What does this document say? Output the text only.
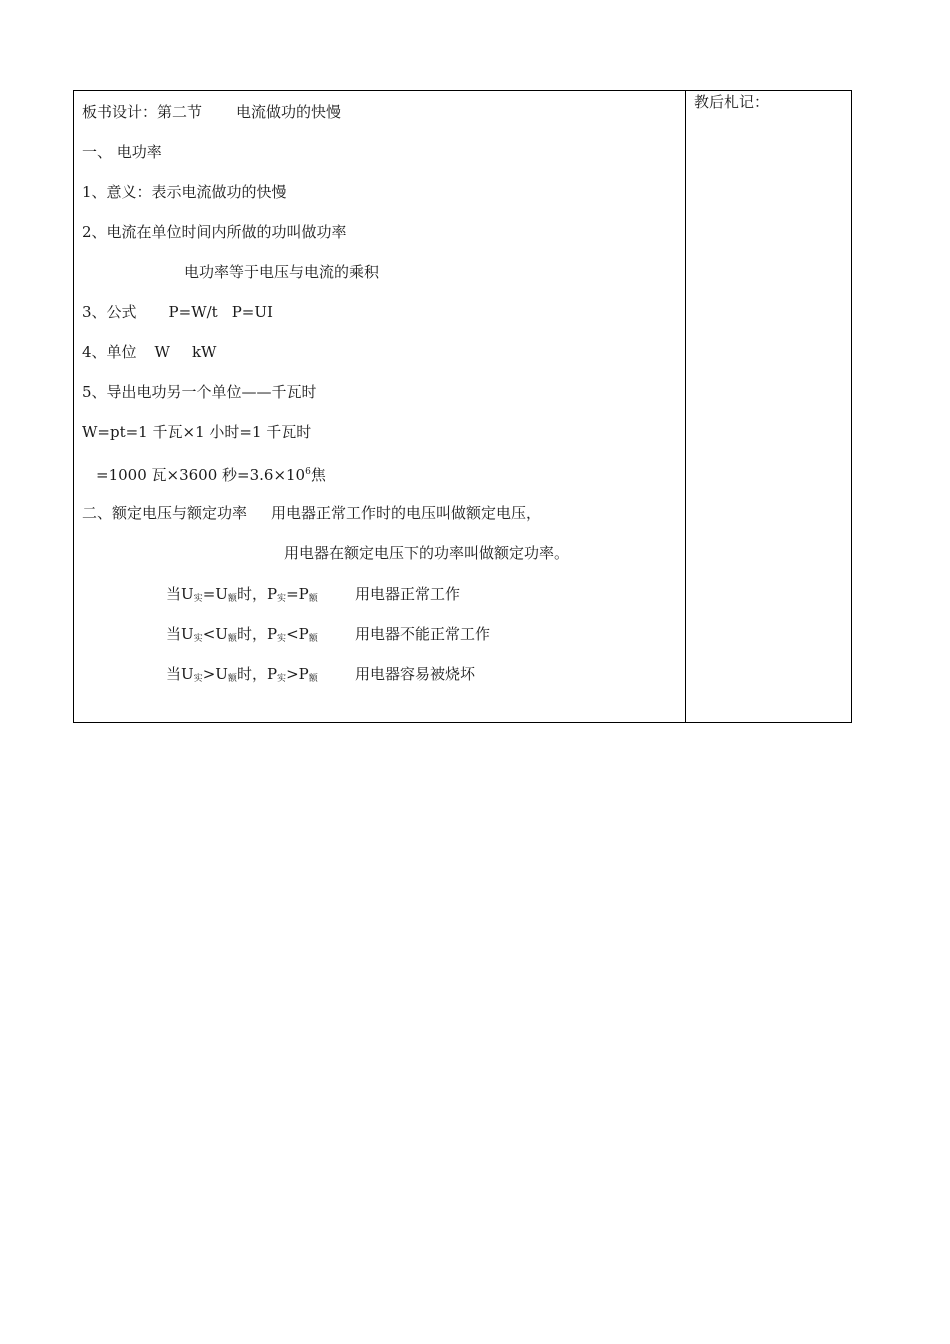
板书设计：第二节 电流做功的快慢
教后札记：
一、 电功率
1、意义：表示电流做功的快慢
2、电流在单位时间内所做的功叫做功率
电功率等于电压与电流的乘积
3、公式 P=W/t P=UI
4、单位 W kW
5、导出电功另一个单位——千瓦时
W=pt=1 千瓦×1 小时=1 千瓦时
=1000 瓦×3600 秒$=3.6\times 10^6$焦
二、额定电压与额定功率 用电器正常工作时的电压叫做额定电压，
用电器在额定电压下的功率叫做额定功率。
当$U_实=U_额$时，$P_实=P_额$ 用电器正常工作
当$U_实<U_额$时，$P_实<P_额$ 用电器不能正常工作
当$U_实>U_额$时，$P_实>P_额$ 用电器容易被烧坏
